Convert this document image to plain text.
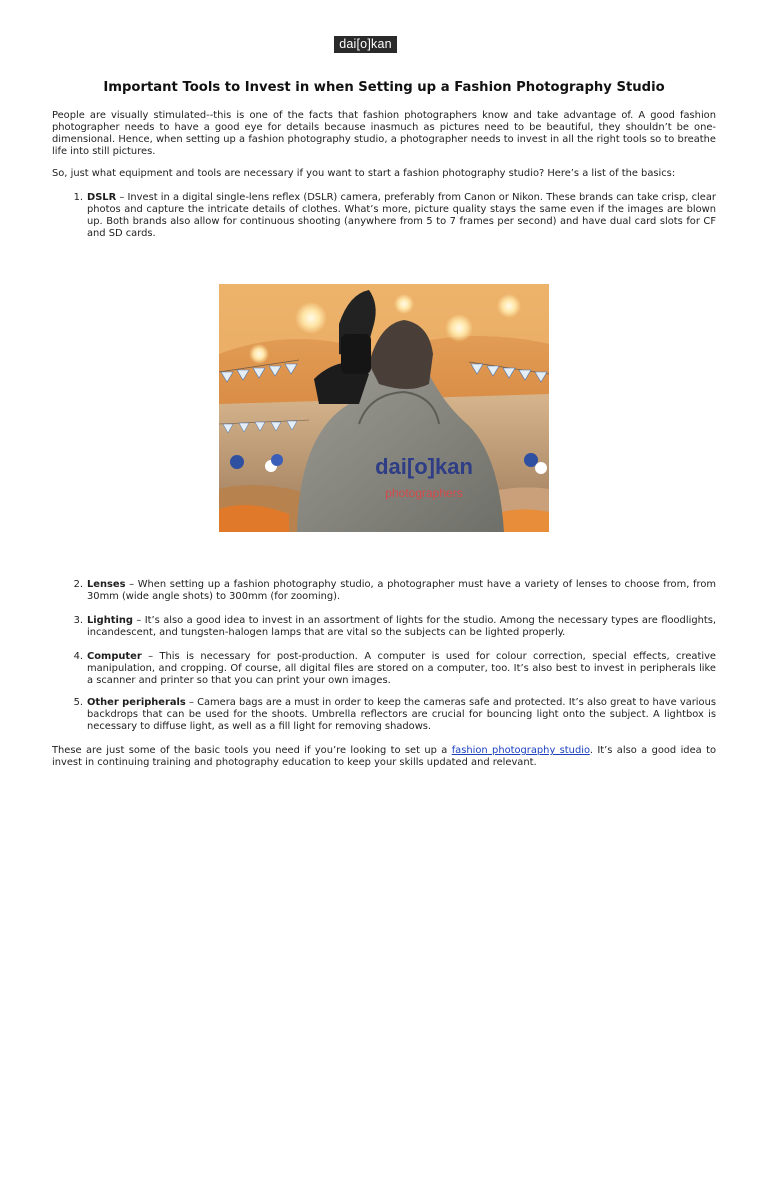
dai[o]kan
Important Tools to Invest in when Setting up a Fashion Photography Studio

People are visually stimulated--this is one of the facts that fashion photographers know and take advantage of. A good fashion photographer needs to have a good eye for details because inasmuch as pictures need to be beautiful, they shouldn’t be one-dimensional. Hence, when setting up a fashion photography studio, a photographer needs to invest in all the right tools so to breathe life into still pictures.

So, just what equipment and tools are necessary if you want to start a fashion photography studio? Here’s a list of the basics:

1. DSLR – Invest in a digital single-lens reflex (DSLR) camera, preferably from Canon or Nikon. These brands can take crisp, clear photos and capture the intricate details of clothes. What’s more, picture quality stays the same even if the images are blown up. Both brands also allow for continuous shooting (anywhere from 5 to 7 frames per second) and have dual card slots for CF and SD cards.
dai[o]kan
photographers
2. Lenses – When setting up a fashion photography studio, a photographer must have a variety of lenses to choose from, from 30mm (wide angle shots) to 300mm (for zooming).
3. Lighting – It’s also a good idea to invest in an assortment of lights for the studio. Among the necessary types are floodlights, incandescent, and tungsten-halogen lamps that are vital so the subjects can be lighted properly.
4. Computer – This is necessary for post-production. A computer is used for colour correction, special effects, creative manipulation, and cropping. Of course, all digital files are stored on a computer, too. It’s also best to invest in peripherals like a scanner and printer so that you can print your own images.
5. Other peripherals – Camera bags are a must in order to keep the cameras safe and protected. It’s also great to have various backdrops that can be used for the shoots. Umbrella reflectors are crucial for bouncing light onto the subject. A lightbox is necessary to diffuse light, as well as a fill light for removing shadows.

These are just some of the basic tools you need if you’re looking to set up a fashion photography studio. It’s also a good idea to invest in continuing training and photography education to keep your skills updated and relevant.
